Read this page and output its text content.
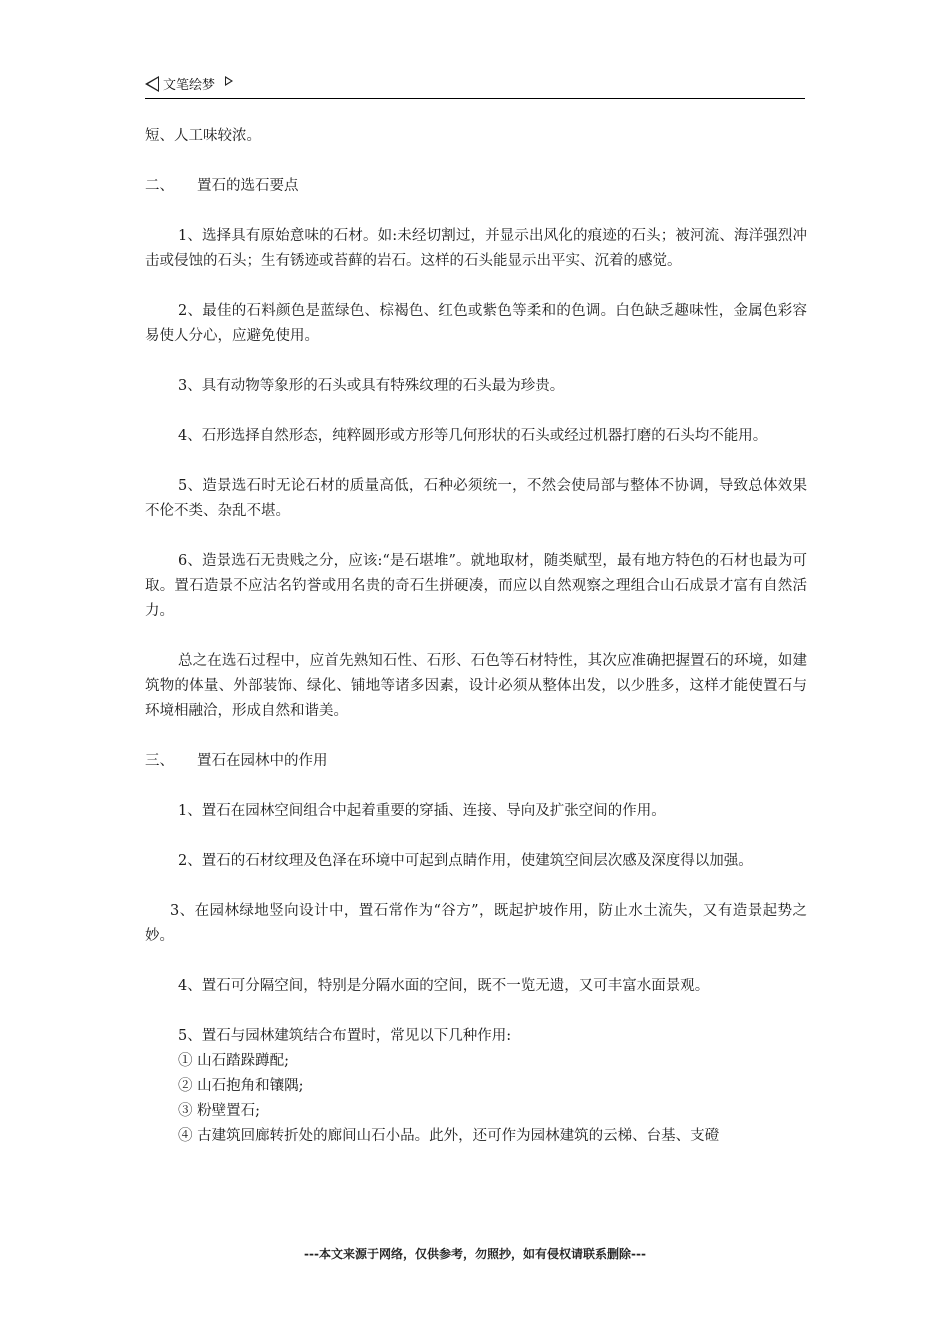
文笔绘梦

短、人工味较浓。

二、 置石的选石要点

1、选择具有原始意味的石材。如:未经切割过，并显示出风化的痕迹的石头；被河流、海洋强烈冲击或侵蚀的石头；生有锈迹或苔藓的岩石。这样的石头能显示出平实、沉着的感觉。

2、最佳的石料颜色是蓝绿色、棕褐色、红色或紫色等柔和的色调。白色缺乏趣味性，金属色彩容易使人分心，应避免使用。

3、具有动物等象形的石头或具有特殊纹理的石头最为珍贵。

4、石形选择自然形态，纯粹圆形或方形等几何形状的石头或经过机器打磨的石头均不能用。

5、造景选石时无论石材的质量高低，石种必须统一，不然会使局部与整体不协调，导致总体效果不伦不类、杂乱不堪。

6、造景选石无贵贱之分，应该:“是石堪堆”。就地取材，随类赋型，最有地方特色的石材也最为可取。置石造景不应沽名钓誉或用名贵的奇石生拼硬凑，而应以自然观察之理组合山石成景才富有自然活力。

总之在选石过程中，应首先熟知石性、石形、石色等石材特性，其次应准确把握置石的环境，如建筑物的体量、外部装饰、绿化、铺地等诸多因素，设计必须从整体出发，以少胜多，这样才能使置石与环境相融洽，形成自然和谐美。

三、 置石在园林中的作用

1、置石在园林空间组合中起着重要的穿插、连接、导向及扩张空间的作用。

2、置石的石材纹理及色泽在环境中可起到点睛作用，使建筑空间层次感及深度得以加强。

3、在园林绿地竖向设计中，置石常作为“谷方”，既起护坡作用，防止水土流失，又有造景起势之妙。

4、置石可分隔空间，特别是分隔水面的空间，既不一览无遗，又可丰富水面景观。

5、置石与园林建筑结合布置时，常见以下几种作用:

① 山石踏跺蹲配;

② 山石抱角和镶隅;

③ 粉壁置石;

④ 古建筑回廊转折处的廊间山石小品。此外，还可作为园林建筑的云梯、台基、支磴

---本文来源于网络，仅供参考，勿照抄，如有侵权请联系删除---
